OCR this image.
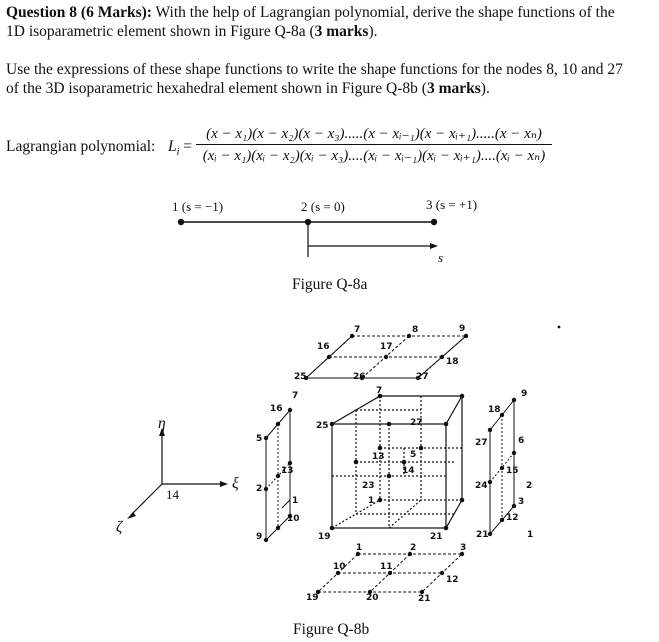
Question 8 (6 Marks): With the help of Lagrangian polynomial, derive the shape functions of the
1D isoparametric element shown in Figure Q-8a (3 marks).
Use the expressions of these shape functions to write the shape functions for the nodes 8, 10 and 27
of the 3D isoparametric hexahedral element shown in Figure Q-8b (3 marks).
Lagrangian polynomial: $L_i$ =
(x − x₁)(x − x₂)(x − x₃).....(x − xᵢ₋₁)(x − xᵢ₊₁).....(x − xₙ)
(xᵢ − x₁)(xᵢ − x₂)(xᵢ − x₃)....(xᵢ − xᵢ₋₁)(xᵢ − xᵢ₊₁)....(xᵢ − xₙ)
1 (s = −1)	2 (s = 0)	3 (s = +1)
s
Figure Q-8a
η
ξ
ζ
14
7	8	9
16	17
18
25	26	27
7
25	27
5
13
14
23
1
19	21
16
5
13
2
10
9
7
1
9
18
27	6
15
24
3
12
21	1
2
1	2	3
10	11
12
19	20	21
Figure Q-8b
